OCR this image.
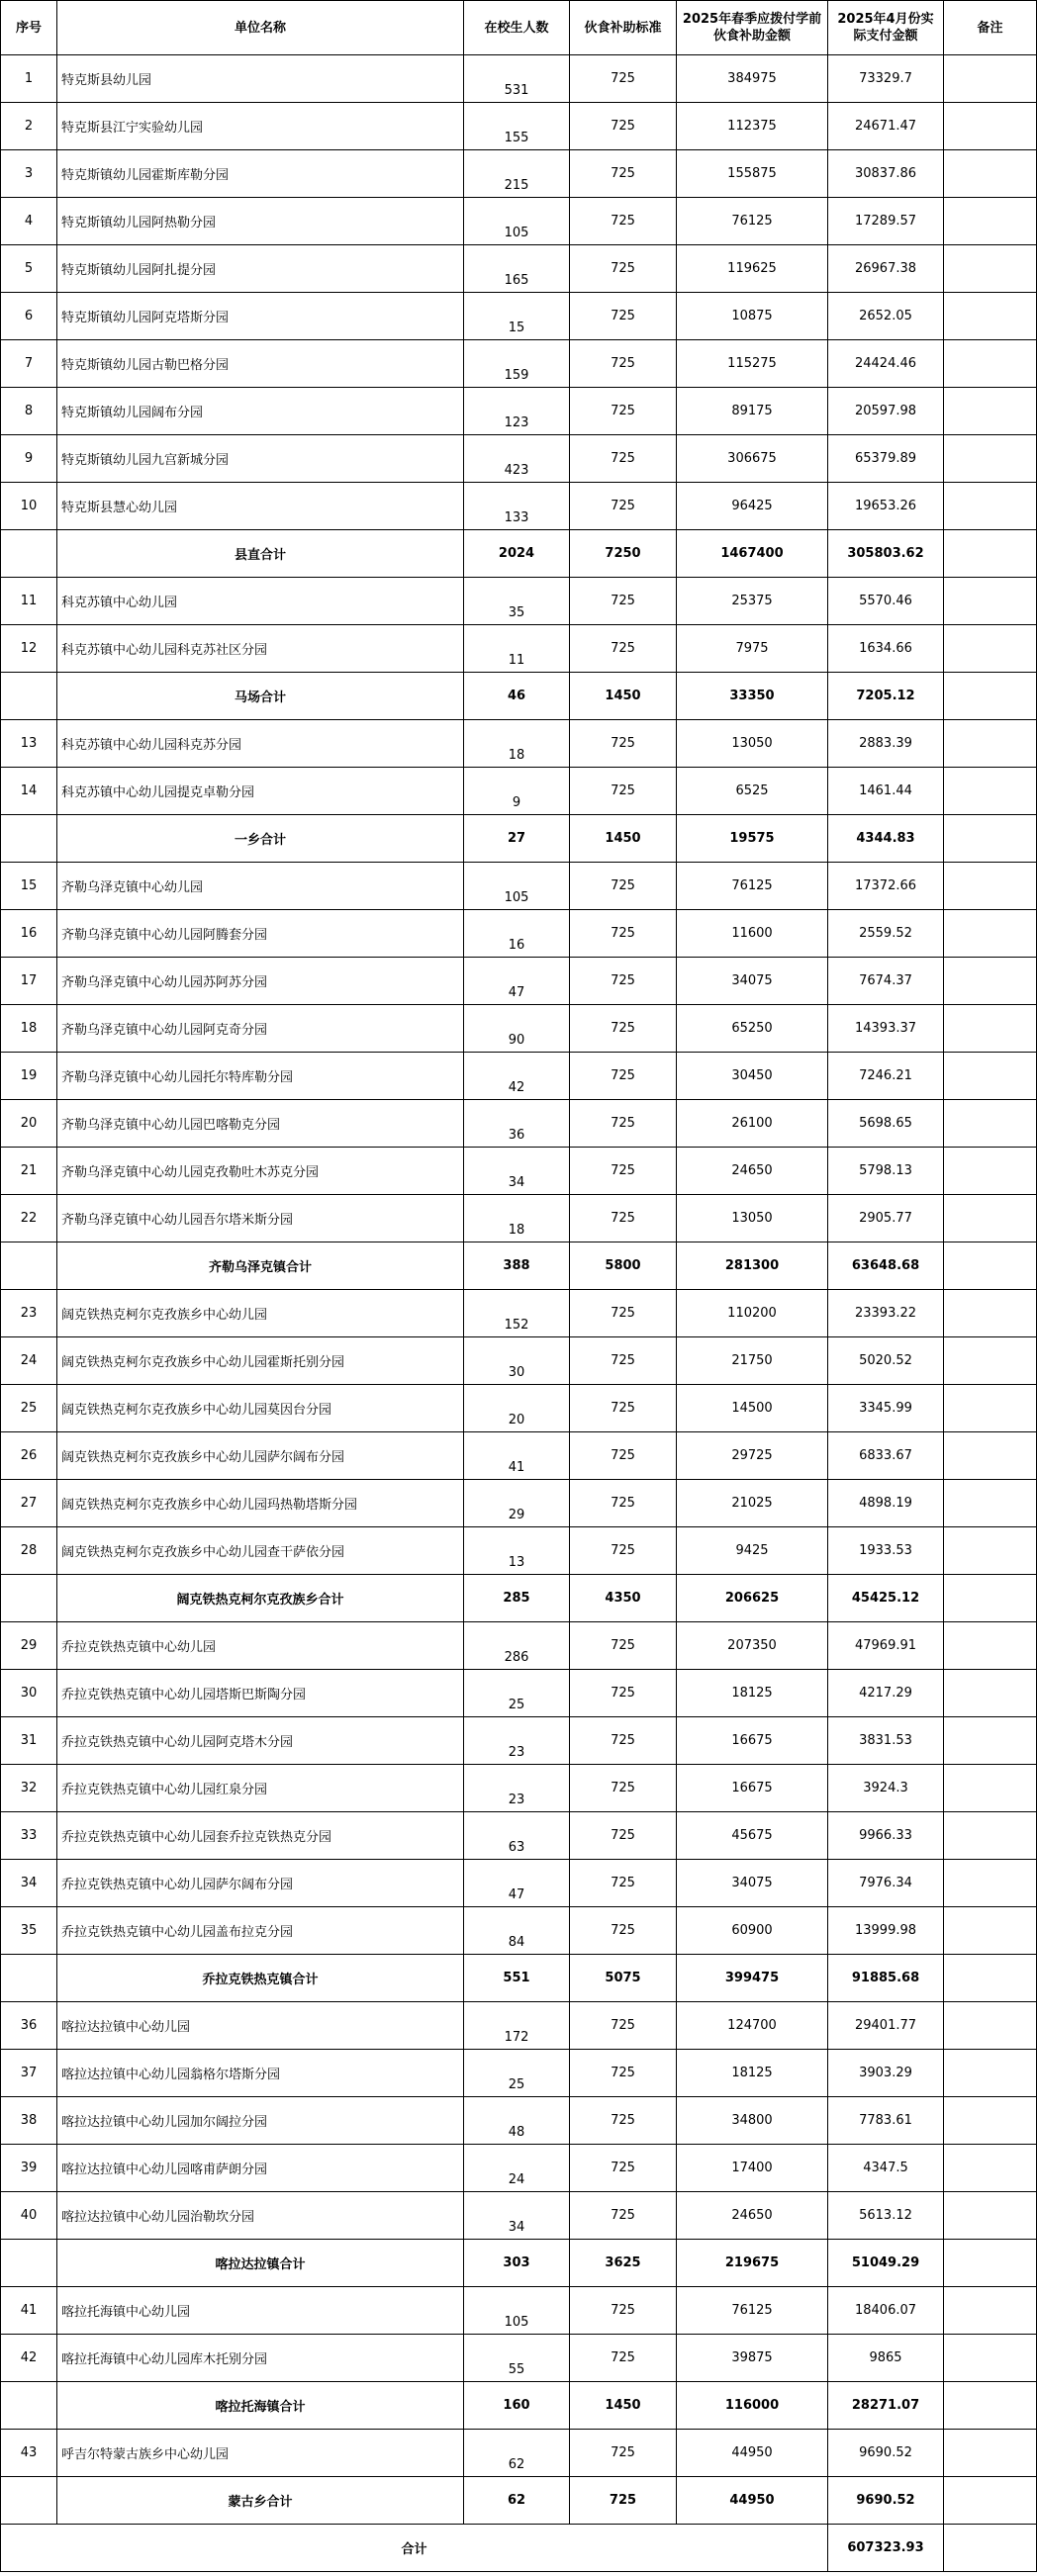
序号	单位名称	在校生人数	伙食补助标准	2025年春季应拨付学前伙食补助金额	2025年4月份实际支付金额	备注
1	特克斯县幼儿园	531	725	384975	73329.7	
2	特克斯县江宁实验幼儿园	155	725	112375	24671.47	
3	特克斯镇幼儿园霍斯库勒分园	215	725	155875	30837.86	
4	特克斯镇幼儿园阿热勒分园	105	725	76125	17289.57	
5	特克斯镇幼儿园阿扎提分园	165	725	119625	26967.38	
6	特克斯镇幼儿园阿克塔斯分园	15	725	10875	2652.05	
7	特克斯镇幼儿园古勒巴格分园	159	725	115275	24424.46	
8	特克斯镇幼儿园阔布分园	123	725	89175	20597.98	
9	特克斯镇幼儿园九宫新城分园	423	725	306675	65379.89	
10	特克斯县慧心幼儿园	133	725	96425	19653.26	
	县直合计	2024	7250	1467400	305803.62	
11	科克苏镇中心幼儿园	35	725	25375	5570.46	
12	科克苏镇中心幼儿园科克苏社区分园	11	725	7975	1634.66	
	马场合计	46	1450	33350	7205.12	
13	科克苏镇中心幼儿园科克苏分园	18	725	13050	2883.39	
14	科克苏镇中心幼儿园提克卓勒分园	9	725	6525	1461.44	
	一乡合计	27	1450	19575	4344.83	
15	齐勒乌泽克镇中心幼儿园	105	725	76125	17372.66	
16	齐勒乌泽克镇中心幼儿园阿腾套分园	16	725	11600	2559.52	
17	齐勒乌泽克镇中心幼儿园苏阿苏分园	47	725	34075	7674.37	
18	齐勒乌泽克镇中心幼儿园阿克奇分园	90	725	65250	14393.37	
19	齐勒乌泽克镇中心幼儿园托尔特库勒分园	42	725	30450	7246.21	
20	齐勒乌泽克镇中心幼儿园巴喀勒克分园	36	725	26100	5698.65	
21	齐勒乌泽克镇中心幼儿园克孜勒吐木苏克分园	34	725	24650	5798.13	
22	齐勒乌泽克镇中心幼儿园吾尔塔米斯分园	18	725	13050	2905.77	
	齐勒乌泽克镇合计	388	5800	281300	63648.68	
23	阔克铁热克柯尔克孜族乡中心幼儿园	152	725	110200	23393.22	
24	阔克铁热克柯尔克孜族乡中心幼儿园霍斯托别分园	30	725	21750	5020.52	
25	阔克铁热克柯尔克孜族乡中心幼儿园莫因台分园	20	725	14500	3345.99	
26	阔克铁热克柯尔克孜族乡中心幼儿园萨尔阔布分园	41	725	29725	6833.67	
27	阔克铁热克柯尔克孜族乡中心幼儿园玛热勒塔斯分园	29	725	21025	4898.19	
28	阔克铁热克柯尔克孜族乡中心幼儿园查干萨依分园	13	725	9425	1933.53	
	阔克铁热克柯尔克孜族乡合计	285	4350	206625	45425.12	
29	乔拉克铁热克镇中心幼儿园	286	725	207350	47969.91	
30	乔拉克铁热克镇中心幼儿园塔斯巴斯陶分园	25	725	18125	4217.29	
31	乔拉克铁热克镇中心幼儿园阿克塔木分园	23	725	16675	3831.53	
32	乔拉克铁热克镇中心幼儿园红泉分园	23	725	16675	3924.3	
33	乔拉克铁热克镇中心幼儿园套乔拉克铁热克分园	63	725	45675	9966.33	
34	乔拉克铁热克镇中心幼儿园萨尔阔布分园	47	725	34075	7976.34	
35	乔拉克铁热克镇中心幼儿园盖布拉克分园	84	725	60900	13999.98	
	乔拉克铁热克镇合计	551	5075	399475	91885.68	
36	喀拉达拉镇中心幼儿园	172	725	124700	29401.77	
37	喀拉达拉镇中心幼儿园翁格尔塔斯分园	25	725	18125	3903.29	
38	喀拉达拉镇中心幼儿园加尔阔拉分园	48	725	34800	7783.61	
39	喀拉达拉镇中心幼儿园喀甫萨朗分园	24	725	17400	4347.5	
40	喀拉达拉镇中心幼儿园治勒坎分园	34	725	24650	5613.12	
	喀拉达拉镇合计	303	3625	219675	51049.29	
41	喀拉托海镇中心幼儿园	105	725	76125	18406.07	
42	喀拉托海镇中心幼儿园库木托别分园	55	725	39875	9865	
	喀拉托海镇合计	160	1450	116000	28271.07	
43	呼吉尔特蒙古族乡中心幼儿园	62	725	44950	9690.52	
	蒙古乡合计	62	725	44950	9690.52	
合计					607323.93	
